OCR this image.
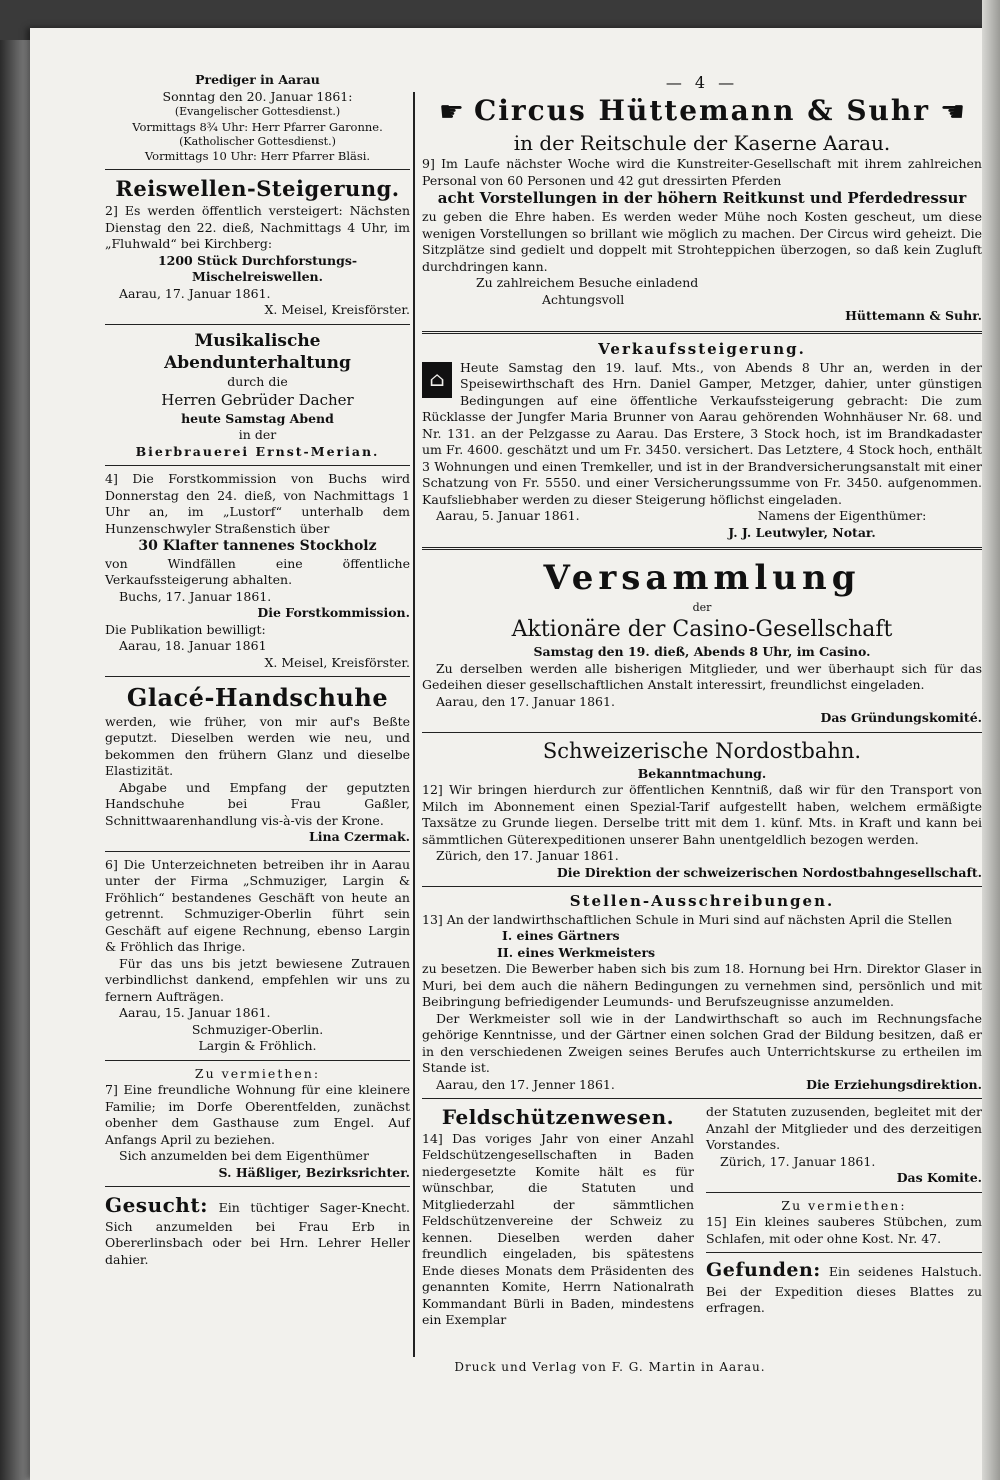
Prediger in Aarau

Sonntag den 20. Januar 1861:

(Evangelischer Gottesdienst.)

Vormittags 8¾ Uhr: Herr Pfarrer Garonne.

(Katholischer Gottesdienst.)

Vormittags 10 Uhr: Herr Pfarrer Bläsi.

Reiswellen-Steigerung.

2] Es werden öffentlich versteigert: Nächsten Dienstag den 22. dieß, Nachmittags 4 Uhr, im „Fluhwald“ bei Kirchberg:

1200 Stück Durchforstungs-Mischelreiswellen.

Aarau, 17. Januar 1861.

X. Meisel, Kreisförster.

Musikalische Abendunterhaltung

durch die

Herren Gebrüder Dacher

heute Samstag Abend

in der

Bierbrauerei Ernst-Merian.

4] Die Forstkommission von Buchs wird Donnerstag den 24. dieß, von Nachmittags 1 Uhr an, im „Lustorf“ unterhalb dem Hunzenschwyler Straßenstich über

30 Klafter tannenes Stockholz

von Windfällen eine öffentliche Verkaufssteigerung abhalten.

Buchs, 17. Januar 1861.

Die Forstkommission.

Die Publikation bewilligt:

Aarau, 18. Januar 1861

X. Meisel, Kreisförster.

Glacé-Handschuhe

werden, wie früher, von mir auf's Beßte geputzt. Dieselben werden wie neu, und bekommen den frühern Glanz und dieselbe Elastizität.

Abgabe und Empfang der geputzten Handschuhe bei Frau Gaßler, Schnittwaarenhandlung vis-à-vis der Krone.

Lina Czermak.

6] Die Unterzeichneten betreiben ihr in Aarau unter der Firma „Schmuziger, Largin & Fröhlich“ bestandenes Geschäft von heute an getrennt. Schmuziger-Oberlin führt sein Geschäft auf eigene Rechnung, ebenso Largin & Fröhlich das Ihrige.

Für das uns bis jetzt bewiesene Zutrauen verbindlichst dankend, empfehlen wir uns zu fernern Aufträgen.

Aarau, 15. Januar 1861.

Schmuziger-Oberlin.

Largin & Fröhlich.

Zu vermiethen:

7] Eine freundliche Wohnung für eine kleinere Familie; im Dorfe Oberentfelden, zunächst obenher dem Gasthause zum Engel. Auf Anfangs April zu beziehen.

Sich anzumelden bei dem Eigenthümer

S. Häßliger, Bezirksrichter.

Gesucht: Ein tüchtiger Sager-Knecht. Sich anzumelden bei Frau Erb in Obererlinsbach oder bei Hrn. Lehrer Heller dahier.

— 4 —

☛ Circus Hüttemann & Suhr ☚

in der Reitschule der Kaserne Aarau.

9] Im Laufe nächster Woche wird die Kunstreiter-Gesellschaft mit ihrem zahlreichen Personal von 60 Personen und 42 gut dressirten Pferden

acht Vorstellungen in der höhern Reitkunst und Pferdedressur

zu geben die Ehre haben. Es werden weder Mühe noch Kosten gescheut, um diese wenigen Vorstellungen so brillant wie möglich zu machen. Der Circus wird geheizt. Die Sitzplätze sind gedielt und doppelt mit Strohteppichen überzogen, so daß kein Zugluft durchdringen kann.

Zu zahlreichem Besuche einladend

Achtungsvoll

Hüttemann & Suhr.

Verkaufssteigerung.

⌂
Heute Samstag den 19. lauf. Mts., von Abends 8 Uhr an, werden in der Speisewirthschaft des Hrn. Daniel Gamper, Metzger, dahier, unter günstigen Bedingungen auf eine öffentliche Verkaufssteigerung gebracht: Die zum Rücklasse der Jungfer Maria Brunner von Aarau gehörenden Wohnhäuser Nr. 68. und Nr. 131. an der Pelzgasse zu Aarau. Das Erstere, 3 Stock hoch, ist im Brandkadaster um Fr. 4600. geschätzt und um Fr. 3450. versichert. Das Letztere, 4 Stock hoch, enthält 3 Wohnungen und einen Tremkeller, und ist in der Brandversicherungsanstalt mit einer Schatzung von Fr. 5550. und einer Versicherungssumme von Fr. 3450. aufgenommen. Kaufsliebhaber werden zu dieser Steigerung höflichst eingeladen.

Aarau, 5. Januar 1861.	Namens der Eigenthümer:

J. J. Leutwyler, Notar.

Versammlung

der

Aktionäre der Casino-Gesellschaft

Samstag den 19. dieß, Abends 8 Uhr, im Casino.

Zu derselben werden alle bisherigen Mitglieder, und wer überhaupt sich für das Gedeihen dieser gesellschaftlichen Anstalt interessirt, freundlichst eingeladen.

Aarau, den 17. Januar 1861.

Das Gründungskomité.

Schweizerische Nordostbahn.

Bekanntmachung.

12] Wir bringen hierdurch zur öffentlichen Kenntniß, daß wir für den Transport von Milch im Abonnement einen Spezial-Tarif aufgestellt haben, welchem ermäßigte Taxsätze zu Grunde liegen. Derselbe tritt mit dem 1. künf. Mts. in Kraft und kann bei sämmtlichen Güterexpeditionen unserer Bahn unentgeldlich bezogen werden.

Zürich, den 17. Januar 1861.

Die Direktion der schweizerischen Nordostbahngesellschaft.

Stellen-Ausschreibungen.

13] An der landwirthschaftlichen Schule in Muri sind auf nächsten April die Stellen

I. eines Gärtners

II. eines Werkmeisters

zu besetzen. Die Bewerber haben sich bis zum 18. Hornung bei Hrn. Direktor Glaser in Muri, bei dem auch die nähern Bedingungen zu vernehmen sind, persönlich und mit Beibringung befriedigender Leumunds- und Berufszeugnisse anzumelden.

Der Werkmeister soll wie in der Landwirthschaft so auch im Rechnungsfache gehörige Kenntnisse, und der Gärtner einen solchen Grad der Bildung besitzen, daß er in den verschiedenen Zweigen seines Berufes auch Unterrichtskurse zu ertheilen im Stande ist.

Aarau, den 17. Jenner 1861.	Die Erziehungsdirektion.

Feldschützenwesen.

14] Das voriges Jahr von einer Anzahl Feldschützengesellschaften in Baden niedergesetzte Komite hält es für wünschbar, die Statuten und Mitgliederzahl der sämmtlichen Feldschützenvereine der Schweiz zu kennen. Dieselben werden daher freundlich eingeladen, bis spätestens Ende dieses Monats dem Präsidenten des genannten Komite, Herrn Nationalrath Kommandant Bürli in Baden, mindestens ein Exemplar

der Statuten zuzusenden, begleitet mit der Anzahl der Mitglieder und des derzeitigen Vorstandes.

Zürich, 17. Januar 1861.

Das Komite.

Zu vermiethen:

15] Ein kleines sauberes Stübchen, zum Schlafen, mit oder ohne Kost. Nr. 47.

Gefunden: Ein seidenes Halstuch. Bei der Expedition dieses Blattes zu erfragen.

Druck und Verlag von F. G. Martin in Aarau.
